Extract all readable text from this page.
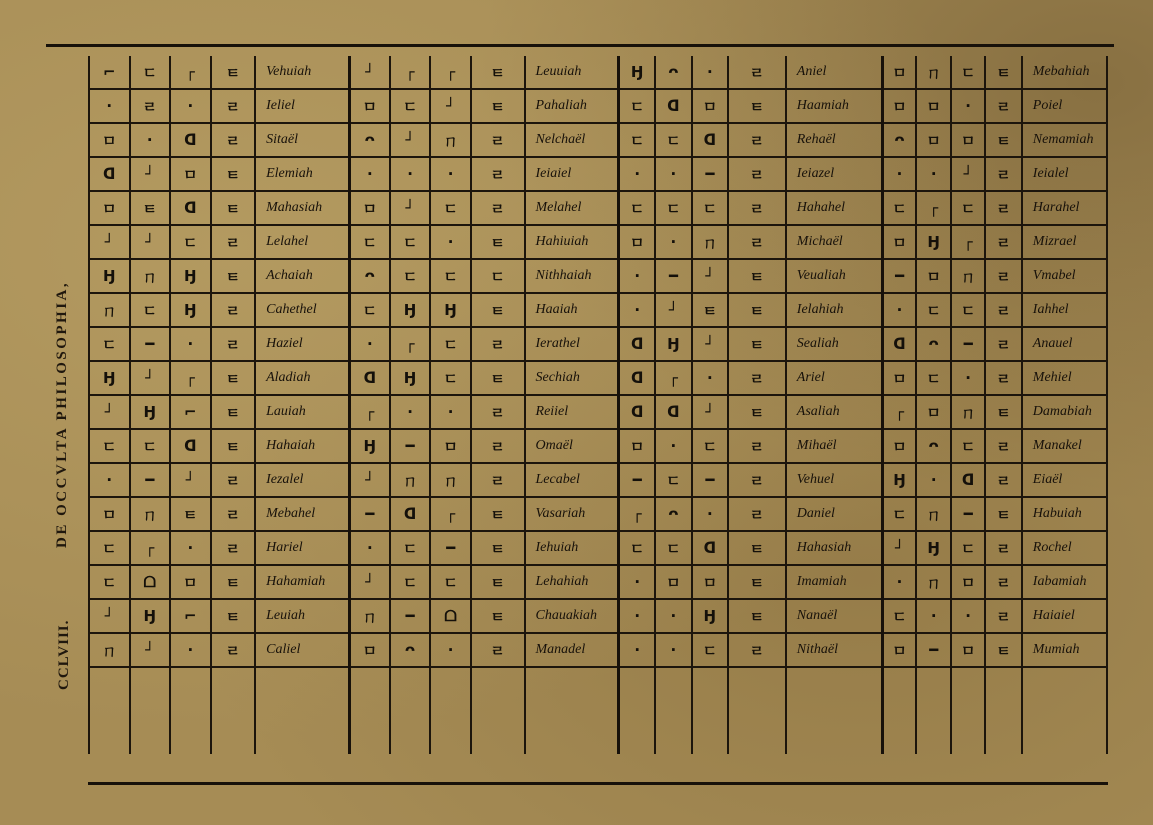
DE OCCVLTA PHILOSOPHIA,
CCLVIII.
⌐	ㄷ	┌	ㅌ	Vehuiah	┘	┌	┌	ㅌ	Leuuiah	Ꜧ	ᴖ	·	ㄹ	Aniel	ㅁ	ㄇ	ㄷ	ㅌ	Mebahiah
·	ㄹ	·	ㄹ	Ieliel	ㅁ	ㄷ	┘	ㅌ	Pahaliah	ㄷ	ᗡ	ㅁ	ㅌ	Haamiah	ㅁ	ㅁ	·	ㄹ	Poiel
ㅁ	·	ᗡ	ㄹ	Sitaël	ᴖ	┘	ㄇ	ㄹ	Nelchaël	ㄷ	ㄷ	ᗡ	ㄹ	Rehaël	ᴖ	ㅁ	ㅁ	ㅌ	Nemamiah
ᗡ	┘	ㅁ	ㅌ	Elemiah	·	·	·	ㄹ	Ieiaiel	·	·	━	ㄹ	Ieiazel	·	·	┘	ㄹ	Ieialel
ㅁ	ㅌ	ᗡ	ㅌ	Mahasiah	ㅁ	┘	ㄷ	ㄹ	Melahel	ㄷ	ㄷ	ㄷ	ㄹ	Hahahel	ㄷ	┌	ㄷ	ㄹ	Harahel
┘	┘	ㄷ	ㄹ	Lelahel	ㄷ	ㄷ	·	ㅌ	Hahiuiah	ㅁ	·	ㄇ	ㄹ	Michaël	ㅁ	Ꜧ	┌	ㄹ	Mizrael
Ꜧ	ㄇ	Ꜧ	ㅌ	Achaiah	ᴖ	ㄷ	ㄷ	ㄷ	Nithhaiah	·	━	┘	ㅌ	Veualiah	━	ㅁ	ㄇ	ㄹ	Vmabel
ㄇ	ㄷ	Ꜧ	ㄹ	Cahethel	ㄷ	Ꜧ	Ꜧ	ㅌ	Haaiah	·	┘	ㅌ	ㅌ	Ielahiah	·	ㄷ	ㄷ	ㄹ	Iahhel
ㄷ	━	·	ㄹ	Haziel	·	┌	ㄷ	ㄹ	Ierathel	ᗡ	Ꜧ	┘	ㅌ	Sealiah	ᗡ	ᴖ	━	ㄹ	Anauel
Ꜧ	┘	┌	ㅌ	Aladiah	ᗡ	Ꜧ	ㄷ	ㅌ	Sechiah	ᗡ	┌	·	ㄹ	Ariel	ㅁ	ㄷ	·	ㄹ	Mehiel
┘	Ꜧ	⌐	ㅌ	Lauiah	┌	·	·	ㄹ	Reiiel	ᗡ	ᗡ	┘	ㅌ	Asaliah	┌	ㅁ	ㄇ	ㅌ	Damabiah
ㄷ	ㄷ	ᗡ	ㅌ	Hahaiah	Ꜧ	━	ㅁ	ㄹ	Omaël	ㅁ	·	ㄷ	ㄹ	Mihaël	ㅁ	ᴖ	ㄷ	ㄹ	Manakel
·	━	┘	ㄹ	Iezalel	┘	ㄇ	ㄇ	ㄹ	Lecabel	━	ㄷ	━	ㄹ	Vehuel	Ꜧ	·	ᗡ	ㄹ	Eiaël
ㅁ	ㄇ	ㅌ	ㄹ	Mebahel	━	ᗡ	┌	ㅌ	Vasariah	┌	ᴖ	·	ㄹ	Daniel	ㄷ	ㄇ	━	ㅌ	Habuiah
ㄷ	┌	·	ㄹ	Hariel	·	ㄷ	━	ㅌ	Iehuiah	ㄷ	ㄷ	ᗡ	ㅌ	Hahasiah	┘	Ꜧ	ㄷ	ㄹ	Rochel
ㄷ	ᗝ	ㅁ	ㅌ	Hahamiah	┘	ㄷ	ㄷ	ㅌ	Lehahiah	·	ㅁ	ㅁ	ㅌ	Imamiah	·	ㄇ	ㅁ	ㄹ	Iabamiah
┘	Ꜧ	⌐	ㅌ	Leuiah	ㄇ	━	ᗝ	ㅌ	Chauakiah	·	·	Ꜧ	ㅌ	Nanaël	ㄷ	·	·	ㄹ	Haiaiel
ㄇ	┘	·	ㄹ	Caliel	ㅁ	ᴖ	·	ㄹ	Manadel	·	·	ㄷ	ㄹ	Nithaël	ㅁ	━	ㅁ	ㅌ	Mumiah
